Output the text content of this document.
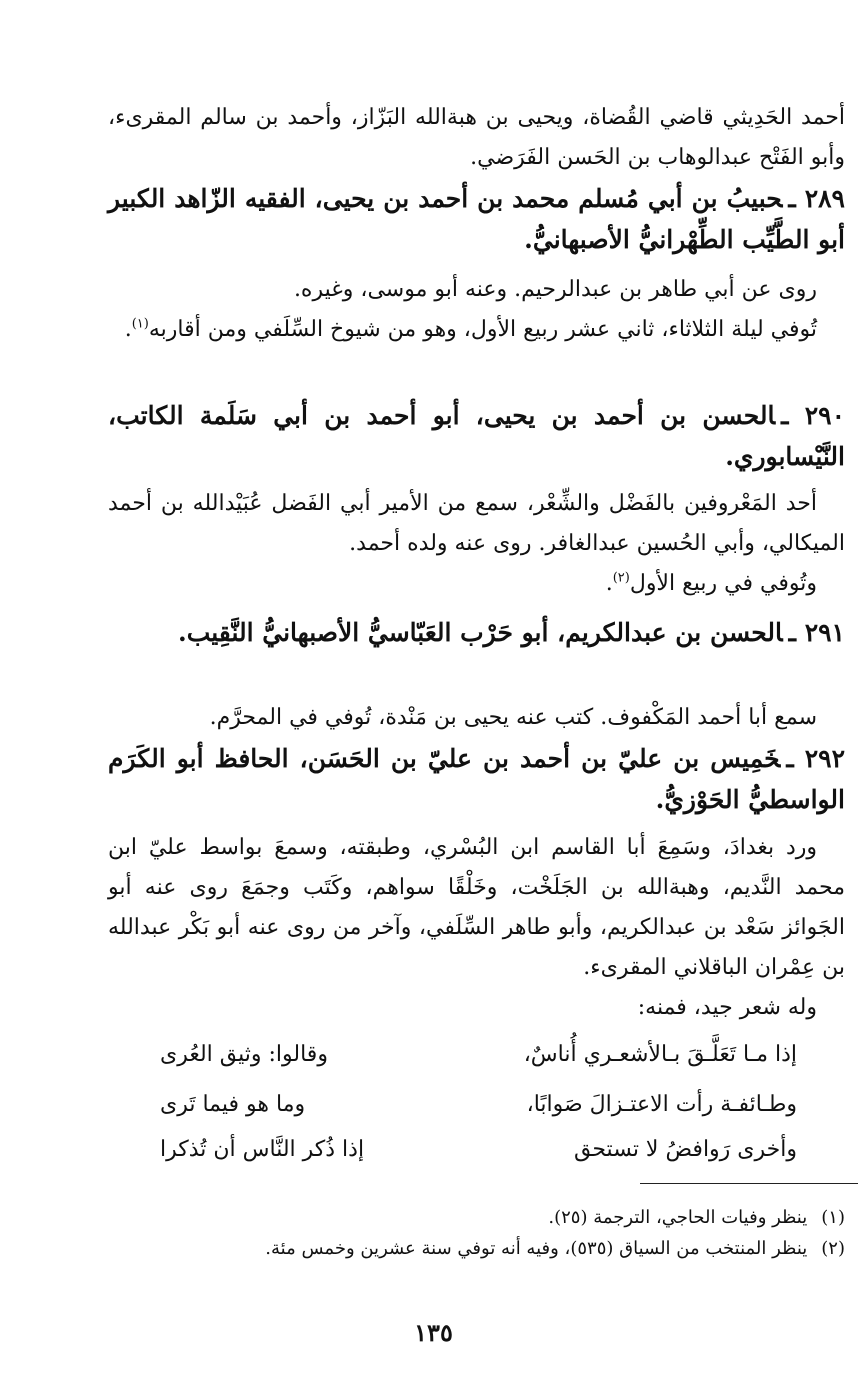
أحمد الحَدِيثي قاضي القُضاة، ويحيى بن هبةالله البَزّاز، وأحمد بن سالم المقرىء، وأبو الفَتْح عبدالوهاب بن الحَسن الفَرَضي.

٢٨٩ ـحبيبُ بن أبي مُسلم محمد بن أحمد بن يحيى، الفقيه الزّاهد الكبير أبو الطَّيِّب الطِّهْرانيُّ الأصبهانيُّ.

روى عن أبي طاهر بن عبدالرحيم. وعنه أبو موسى، وغيره.

تُوفي ليلة الثلاثاء، ثاني عشر ربيع الأول، وهو من شيوخ السِّلَفي ومن أقاربه$^{(١)}$.

٢٩٠ ـالحسن بن أحمد بن يحيى، أبو أحمد بن أبي سَلَمة الكاتب، النَّيْسابوري.

أحد المَعْروفين بالفَضْل والشِّعْر، سمع من الأمير أبي الفَضل عُبَيْدالله بن أحمد الميكالي، وأبي الحُسين عبدالغافر. روى عنه ولده أحمد.

وتُوفي في ربيع الأول$^{(٢)}$.

٢٩١ ـالحسن بن عبدالكريم، أبو حَرْب العَبّاسيُّ الأصبهانيُّ النَّقِيب.

سمع أبا أحمد المَكْفوف. كتب عنه يحيى بن مَنْدة، تُوفي في المحرَّم.

٢٩٢ ـخَمِيس بن عليّ بن أحمد بن عليّ بن الحَسَن، الحافظ أبو الكَرَم الواسطيُّ الحَوْزيُّ.

ورد بغدادَ، وسَمِعَ أبا القاسم ابن البُسْري، وطبقته، وسمعَ بواسط عليّ ابن محمد النَّديم، وهبةالله بن الجَلَخْت، وخَلْقًا سواهم، وكَتَب وجمَعَ روى عنه أبو الجَوائز سَعْد بن عبدالكريم، وأبو طاهر السِّلَفي، وآخر من روى عنه أبو بَكْر عبدالله بن عِمْران الباقلاني المقرىء.

وله شعر جيد، فمنه:

إذا مـا تَعَلَّـقَ بـالأشعـري أُناسٌ،
وقالوا: وثيق العُرى
وطـائفـة رأت الاعتـزالَ صَوابًا،
وما هو فيما تَرى
وأخرى رَوافضُ لا تستحق
إذا ذُكر النَّاس أن تُذكرا

(١)ينظر وفيات الحاجي، الترجمة (٢٥).

(٢)ينظر المنتخب من السياق (٥٣٥)، وفيه أنه توفي سنة عشرين وخمس مئة.

١٣٥
